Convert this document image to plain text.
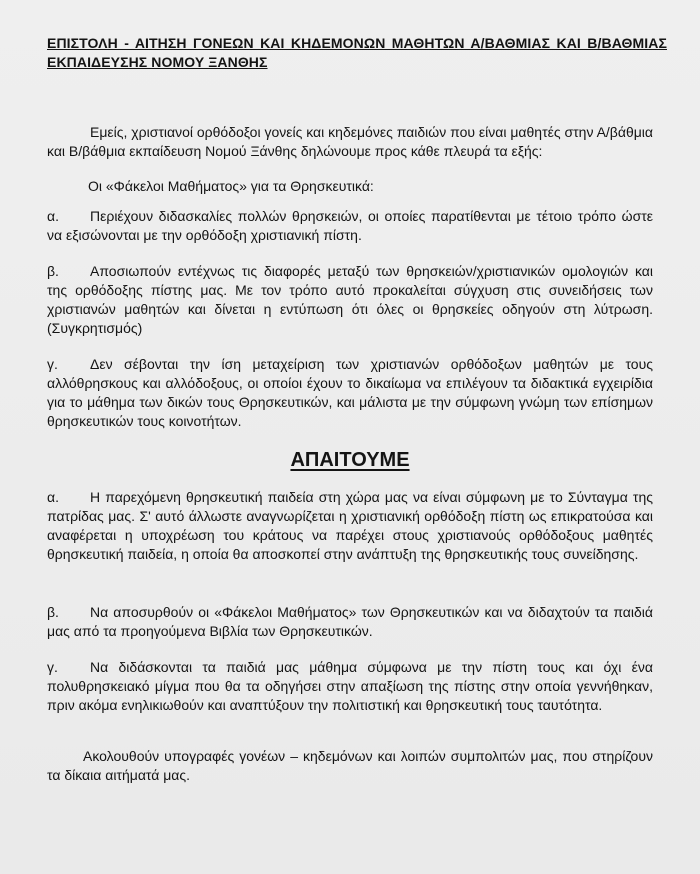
ΕΠΙΣΤΟΛΗ - ΑΙΤΗΣΗ ΓΟΝΕΩΝ ΚΑΙ ΚΗΔΕΜΟΝΩΝ ΜΑΘΗΤΩΝ Α/ΒΑΘΜΙΑΣ ΚΑΙ Β/ΒΑΘΜΙΑΣ ΕΚΠΑΙΔΕΥΣΗΣ ΝΟΜΟΥ ΞΑΝΘΗΣ
Εμείς, χριστιανοί ορθόδοξοι γονείς και κηδεμόνες παιδιών που είναι μαθητές στην Α/βάθμια και Β/βάθμια εκπαίδευση Νομού Ξάνθης δηλώνουμε προς κάθε πλευρά τα εξής:
Οι «Φάκελοι Μαθήματος» για τα Θρησκευτικά:
α. Περιέχουν διδασκαλίες πολλών θρησκειών, οι οποίες παρατίθενται με τέτοιο τρόπο ώστε να εξισώνονται με την ορθόδοξη χριστιανική πίστη.
β. Αποσιωπούν εντέχνως τις διαφορές μεταξύ των θρησκειών/χριστιανικών ομολογιών και της ορθόδοξης πίστης μας. Με τον τρόπο αυτό προκαλείται σύγχυση στις συνειδήσεις των χριστιανών μαθητών και δίνεται η εντύπωση ότι όλες οι θρησκείες οδηγούν στη λύτρωση. (Συγκρητισμός)
γ. Δεν σέβονται την ίση μεταχείριση των χριστιανών ορθόδοξων μαθητών με τους αλλόθρησκους και αλλόδοξους, οι οποίοι έχουν το δικαίωμα να επιλέγουν τα διδακτικά εγχειρίδια για το μάθημα των δικών τους Θρησκευτικών, και μάλιστα με την σύμφωνη γνώμη των επίσημων θρησκευτικών τους κοινοτήτων.
ΑΠΑΙΤΟΥΜΕ
α. Η παρεχόμενη θρησκευτική παιδεία στη χώρα μας να είναι σύμφωνη με το Σύνταγμα της πατρίδας μας. Σ' αυτό άλλωστε αναγνωρίζεται η χριστιανική ορθόδοξη πίστη ως επικρατούσα και αναφέρεται η υποχρέωση του κράτους να παρέχει στους χριστιανούς ορθόδοξους μαθητές θρησκευτική παιδεία, η οποία θα αποσκοπεί στην ανάπτυξη της θρησκευτικής τους συνείδησης.
β. Να αποσυρθούν οι «Φάκελοι Μαθήματος» των Θρησκευτικών και να διδαχτούν τα παιδιά μας από τα προηγούμενα Βιβλία των Θρησκευτικών.
γ. Να διδάσκονται τα παιδιά μας μάθημα σύμφωνα με την πίστη τους και όχι ένα πολυθρησκειακό μίγμα που θα τα οδηγήσει στην απαξίωση της πίστης στην οποία γεννήθηκαν, πριν ακόμα ενηλικιωθούν και αναπτύξουν την πολιτιστική και θρησκευτική τους ταυτότητα.
Ακολουθούν υπογραφές γονέων – κηδεμόνων και λοιπών συμπολιτών μας, που στηρίζουν τα δίκαια αιτήματά μας.
